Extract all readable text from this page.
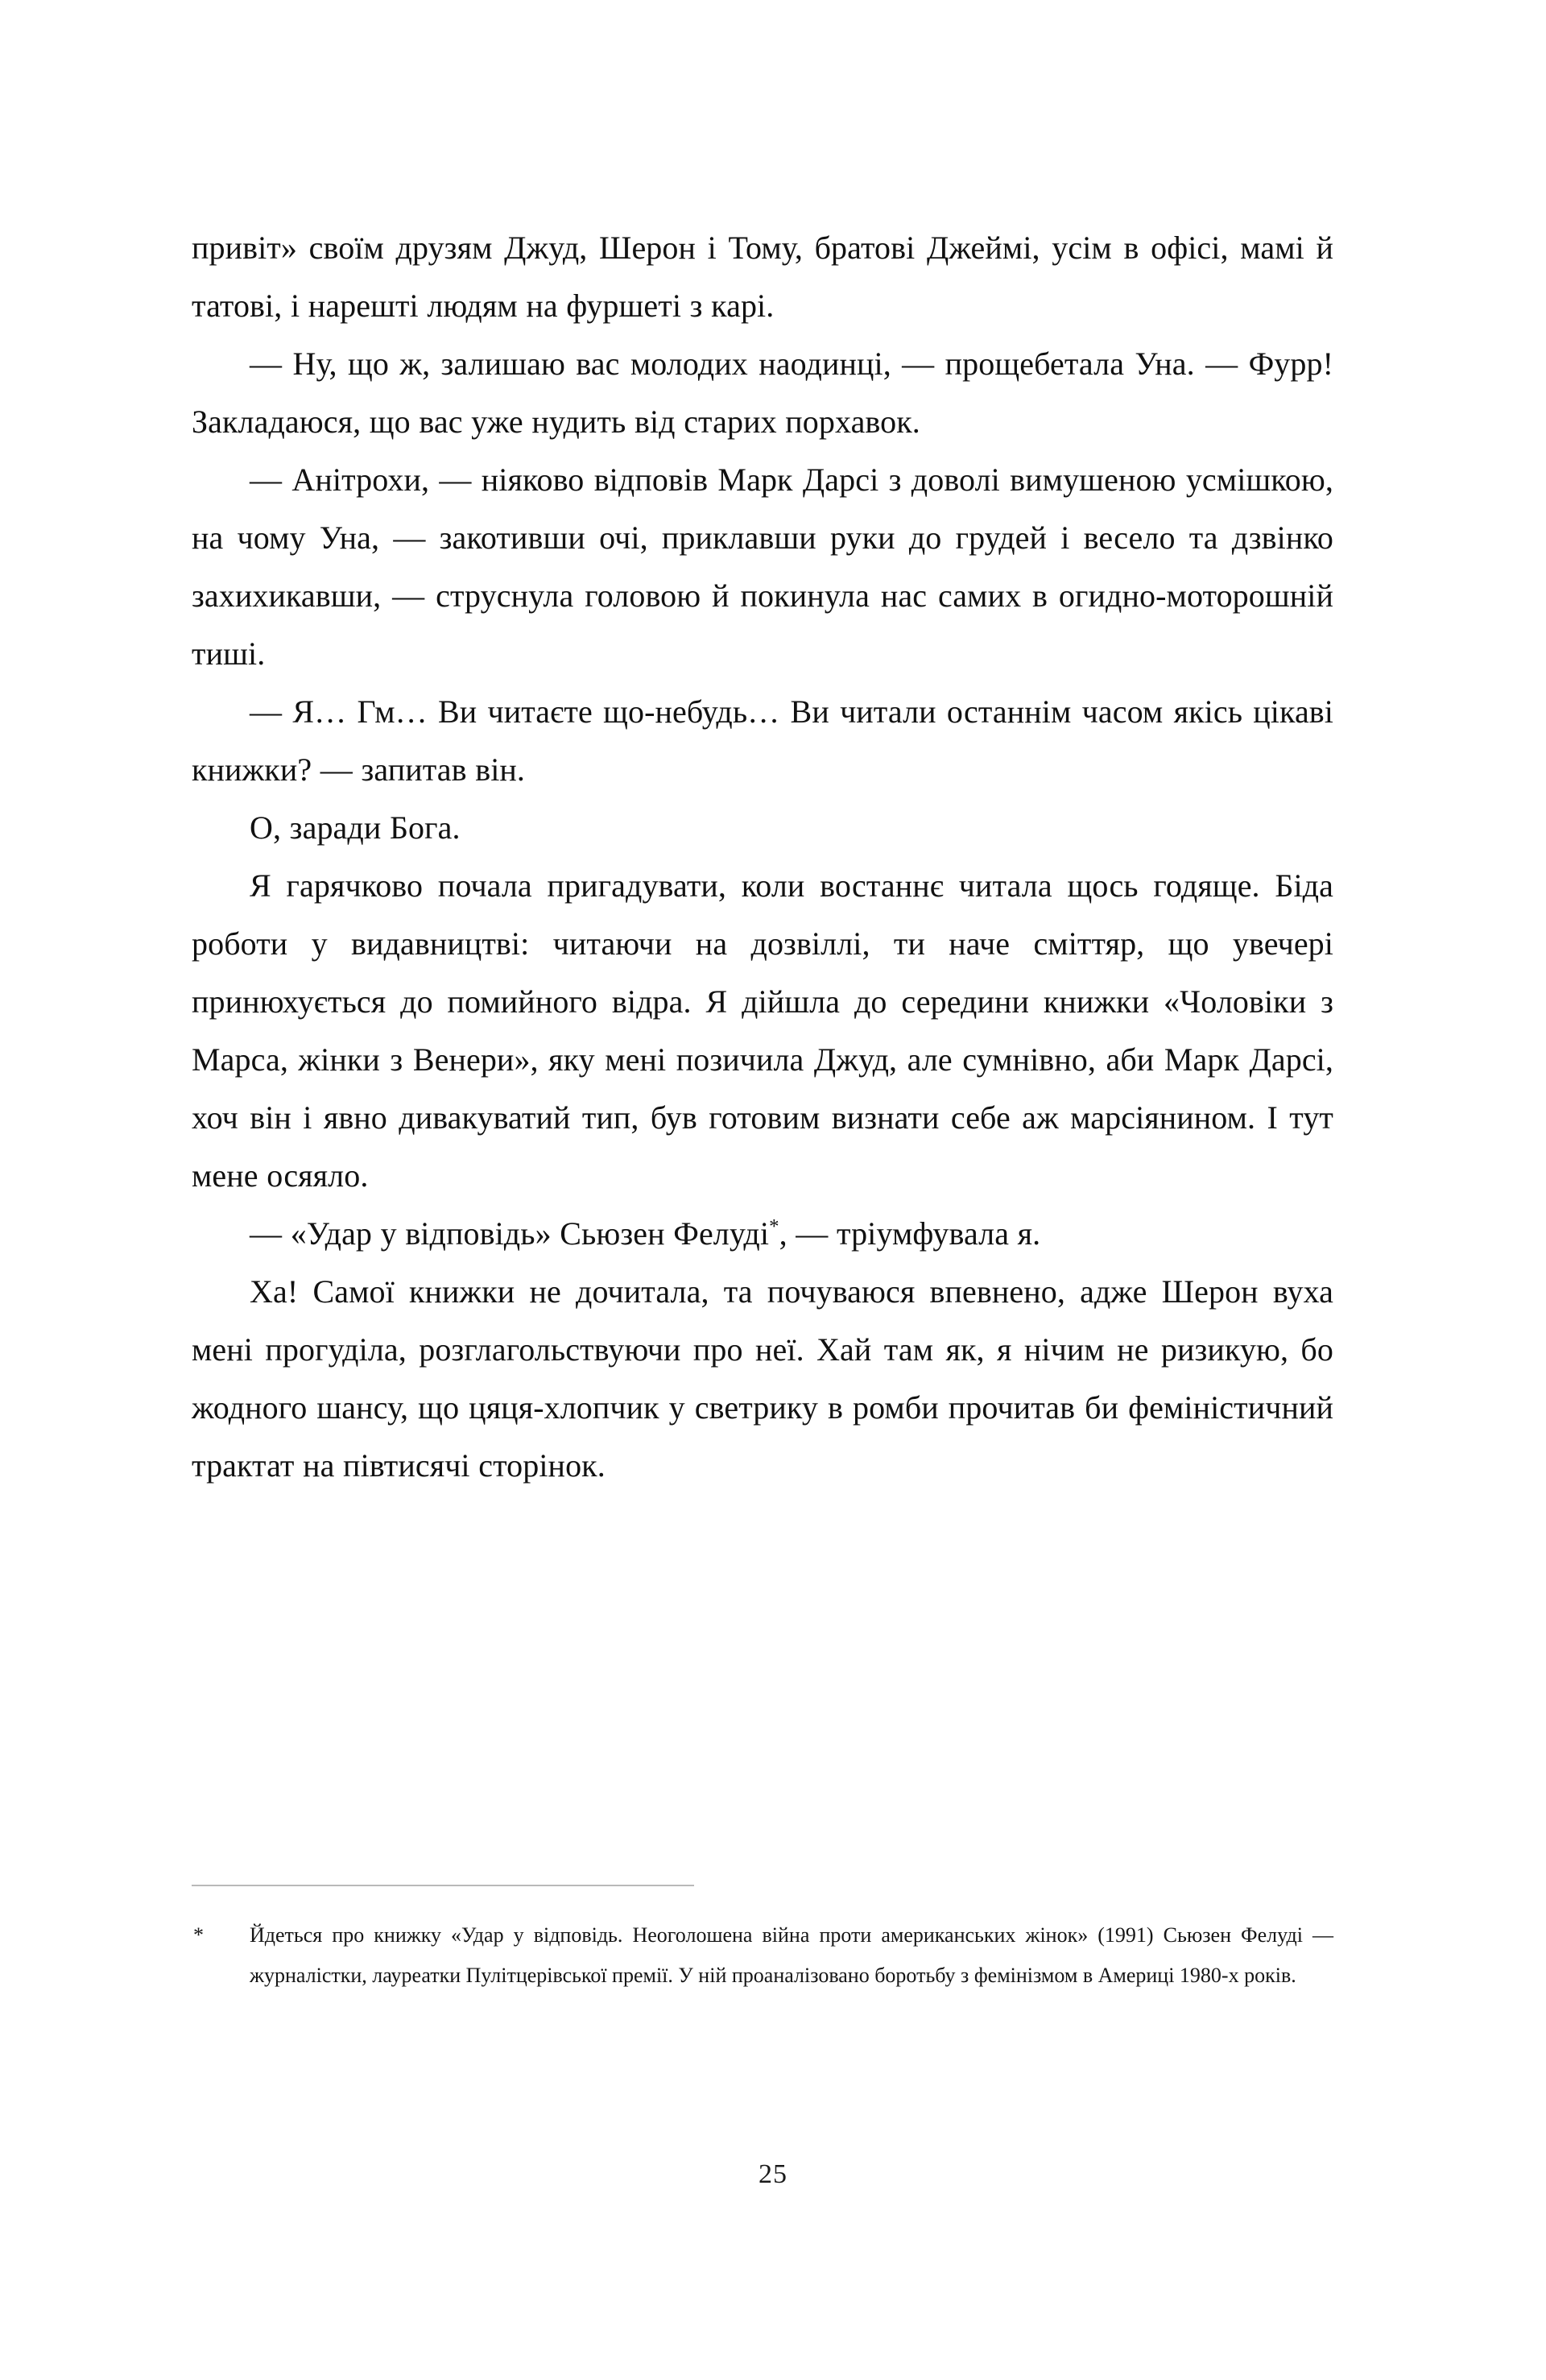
привіт» своїм друзям Джуд, Шерон і Тому, братові Джеймі, усім в офісі, мамі й татові, і нарешті людям на фуршеті з карі.

— Ну, що ж, залишаю вас молодих наодинці, — прощебетала Уна. — Фурр! Закладаюся, що вас уже нудить від старих порхавок.

— Анітрохи, — ніяково відповів Марк Дарсі з доволі вимушеною усмішкою, на чому Уна, — закотивши очі, приклавши руки до грудей і весело та дзвінко захихикавши, — струснула головою й покинула нас самих в огидно-моторошній тиші.

— Я… Гм… Ви читаєте що-небудь… Ви читали останнім часом якісь цікаві книжки? — запитав він.

О, заради Бога.

Я гарячково почала пригадувати, коли востаннє читала щось годяще. Біда роботи у видавництві: читаючи на дозвіллі, ти наче сміттяр, що увечері принюхується до помийного відра. Я дійшла до середини книжки «Чоловіки з Марса, жінки з Венери», яку мені позичила Джуд, але сумнівно, аби Марк Дарсі, хоч він і явно дивакуватий тип, був готовим визнати себе аж марсіянином. І тут мене осяяло.

— «Удар у відповідь» Сьюзен Фелуді*, — тріумфувала я.

Ха! Самої книжки не дочитала, та почуваюся впевнено, адже Шерон вуха мені прогуділа, розглагольствуючи про неї. Хай там як, я нічим не ризикую, бо жодного шансу, що цяця-хлопчик у светрику в ромби прочитав би феміністичний трактат на півтисячі сторінок.

* Йдеться про книжку «Удар у відповідь. Неоголошена війна проти американських жінок» (1991) Сьюзен Фелуді — журналістки, лауреатки Пулітцерівської премії. У ній проаналізовано боротьбу з фемінізмом в Америці 1980-х років.
25
